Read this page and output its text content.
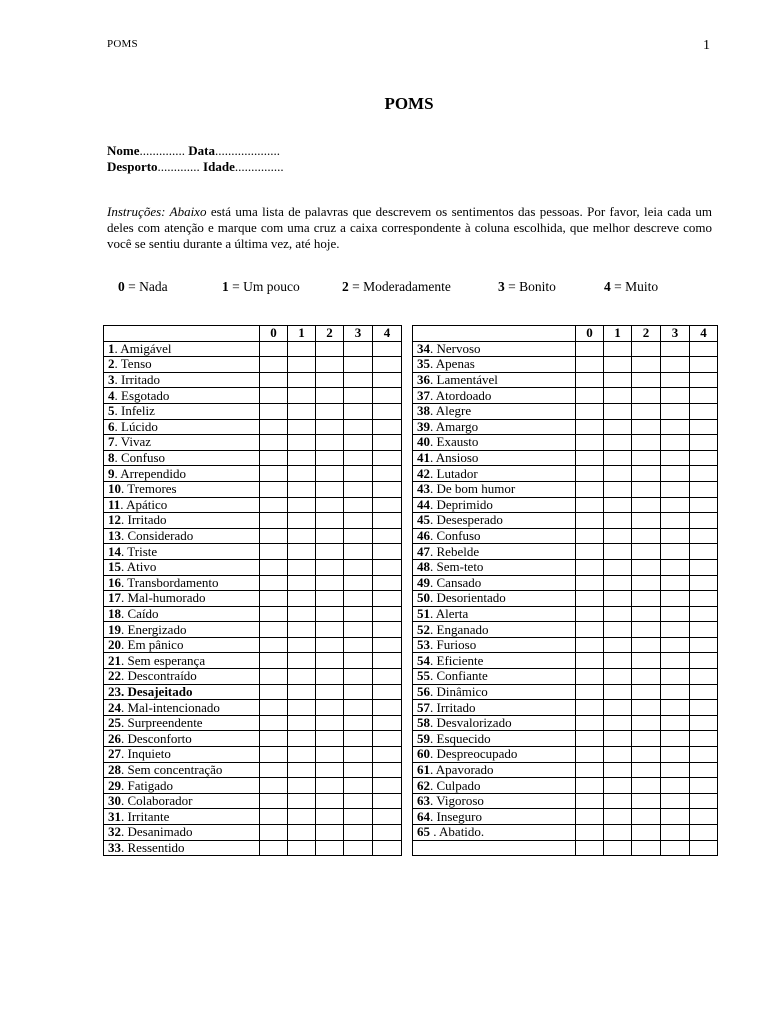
POMS	1
POMS
Nome.............. Data....................
Desporto............. Idade...............
Instruções: Abaixo está uma lista de palavras que descrevem os sentimentos das pessoas. Por favor, leia cada um deles com atenção e marque com uma cruz a caixa correspondente à coluna escolhida, que melhor descreve como você se sentiu durante a última vez, até hoje.
0 = Nada	1 = Um pouco	2 = Moderadamente	3 = Bonito	4 = Muito
	0	1	2	3	4
1. Amigável					
2. Tenso					
3. Irritado					
4. Esgotado					
5. Infeliz					
6. Lúcido					
7. Vivaz					
8. Confuso					
9. Arrependido					
10. Tremores					
11. Apático					
12. Irritado					
13. Considerado					
14. Triste					
15. Ativo					
16. Transbordamento					
17. Mal-humorado					
18. Caído					
19. Energizado					
20. Em pânico					
21. Sem esperança					
22. Descontraído					
23. Desajeitado					
24. Mal-intencionado					
25. Surpreendente					
26. Desconforto					
27. Inquieto					
28. Sem concentração					
29. Fatigado					
30. Colaborador					
31. Irritante					
32. Desanimado					
33. Ressentido					
	0	1	2	3	4
34. Nervoso					
35. Apenas					
36. Lamentável					
37. Atordoado					
38. Alegre					
39. Amargo					
40. Exausto					
41. Ansioso					
42. Lutador					
43. De bom humor					
44. Deprimido					
45. Desesperado					
46. Confuso					
47. Rebelde					
48. Sem-teto					
49. Cansado					
50. Desorientado					
51. Alerta					
52. Enganado					
53. Furioso					
54. Eficiente					
55. Confiante					
56. Dinâmico					
57. Irritado					
58. Desvalorizado					
59. Esquecido					
60. Despreocupado					
61. Apavorado					
62. Culpado					
63. Vigoroso					
64. Inseguro					
65 . Abatido.					
